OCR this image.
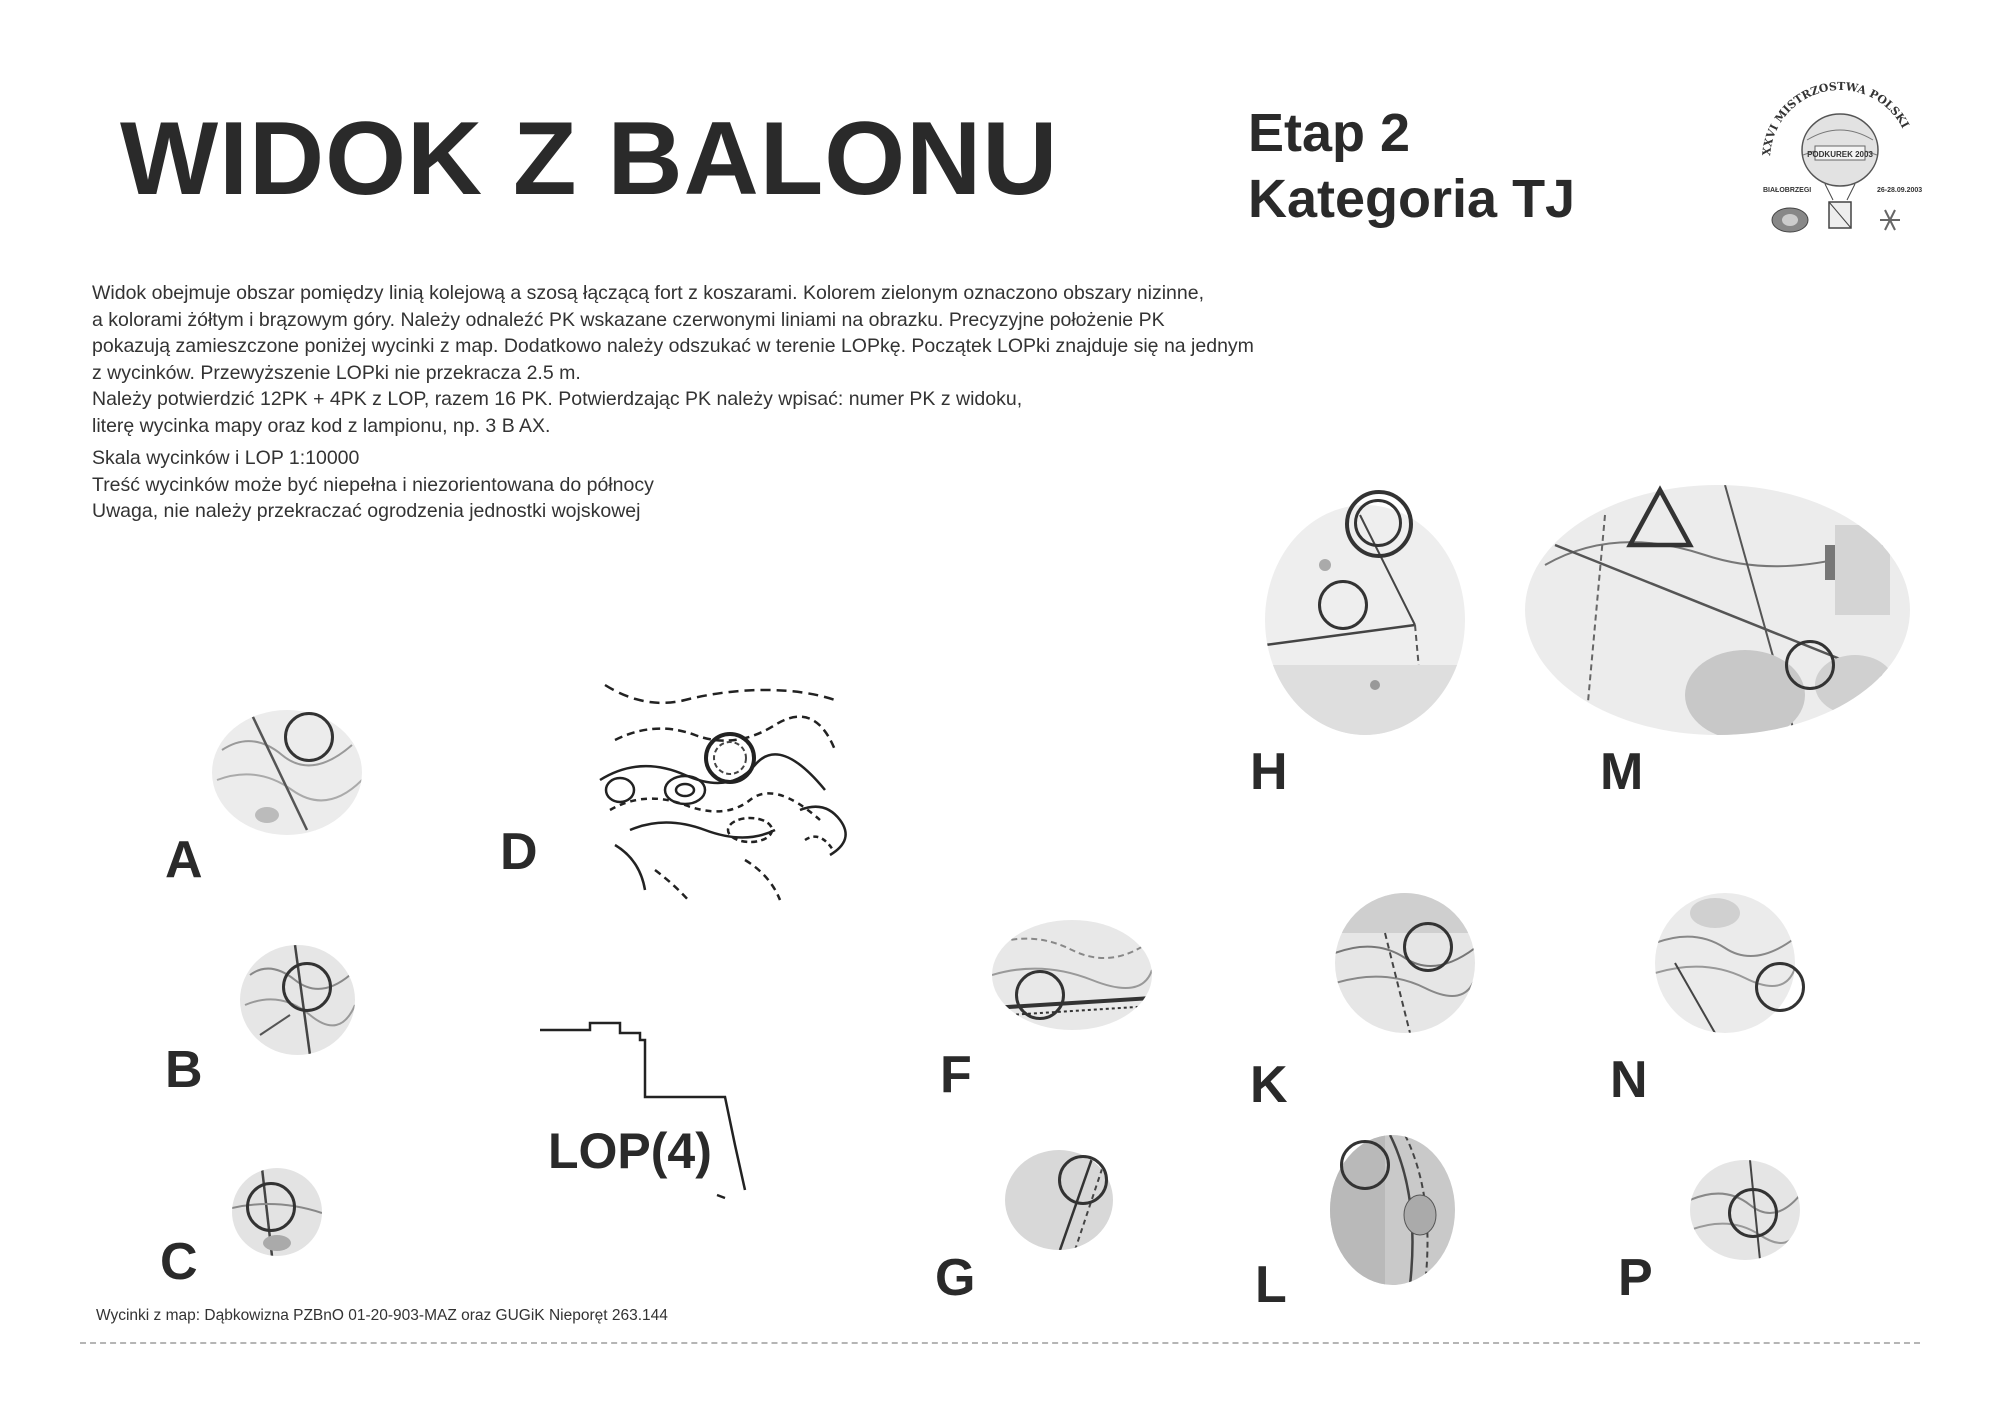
WIDOK Z BALONU	Etap 2
Kategoria TJ
XXVI MISTRZOSTWA POLSKI
PODKUREK 2003
BIAŁOBRZEGI	26-28.09.2003

Widok obejmuje obszar pomiędzy linią kolejową a szosą łączącą fort z koszarami. Kolorem zielonym oznaczono obszary nizinne,

a kolorami żółtym i brązowym góry. Należy odnaleźć PK wskazane czerwonymi liniami na obrazku. Precyzyjne położenie PK

pokazują zamieszczone poniżej wycinki z map. Dodatkowo należy odszukać w terenie LOPkę. Początek LOPki znajduje się na jednym

z wycinków. Przewyższenie LOPki nie przekracza 2.5 m.

Należy potwierdzić 12PK + 4PK z LOP, razem 16 PK. Potwierdzając PK należy wpisać: numer PK z widoku,

literę wycinka mapy oraz kod z lampionu, np. 3 B AX.

Skala wycinków i LOP 1:10000

Treść wycinków może być niepełna i niezorientowana do północy

Uwaga, nie należy przekraczać ogrodzenia jednostki wojskowej

A
B
C
D
LOP(4)
F
G
H	M
K
L
N
P
Wycinki z map: Dąbkowizna PZBnO 01-20-903-MAZ oraz GUGiK Nieporęt 263.144
